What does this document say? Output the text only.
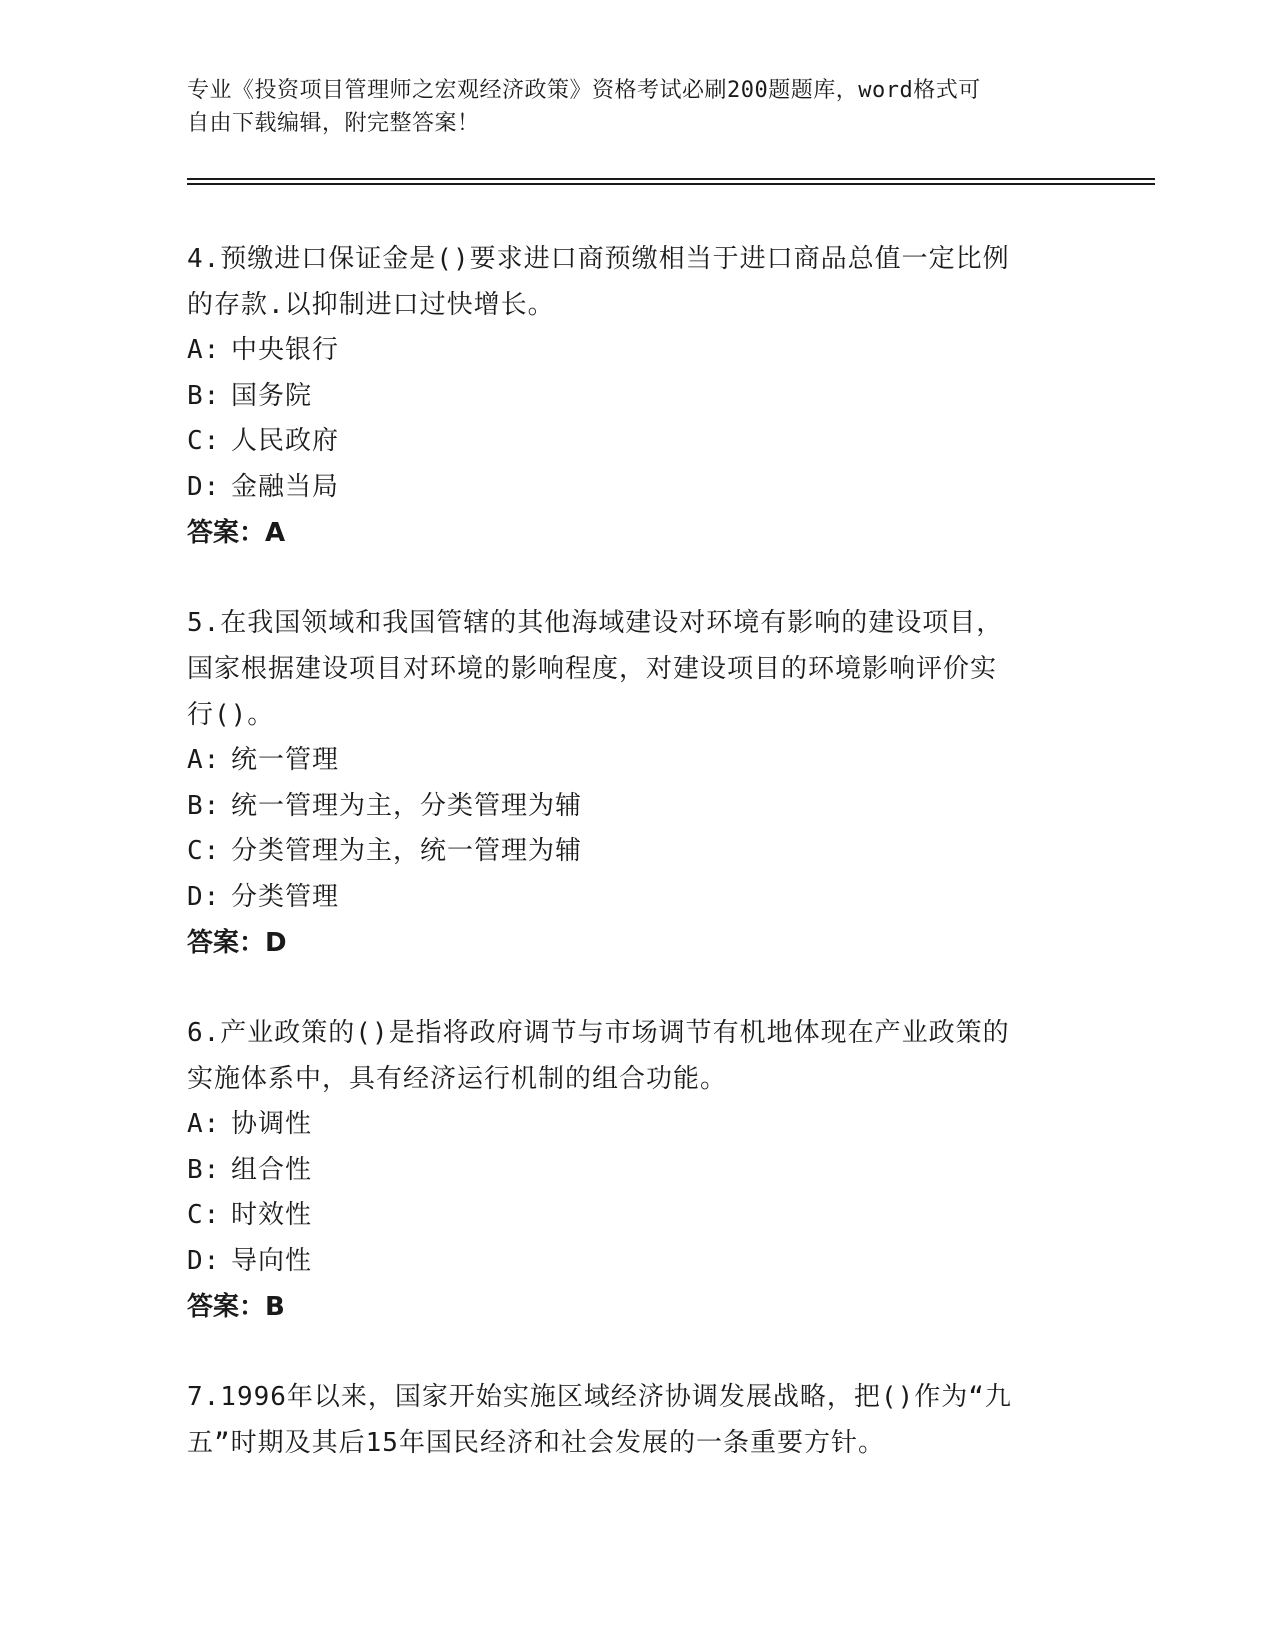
专业《投资项目管理师之宏观经济政策》资格考试必刷200题题库，word格式可
自由下载编辑，附完整答案！

4.预缴进口保证金是()要求进口商预缴相当于进口商品总值一定比例

的存款.以抑制进口过快增长。

A: 中央银行

B: 国务院

C: 人民政府

D: 金融当局

答案：A

5.在我国领域和我国管辖的其他海域建设对环境有影响的建设项目，

国家根据建设项目对环境的影响程度，对建设项目的环境影响评价实

行()。

A: 统一管理

B: 统一管理为主，分类管理为辅

C: 分类管理为主，统一管理为辅

D: 分类管理

答案：D

6.产业政策的()是指将政府调节与市场调节有机地体现在产业政策的

实施体系中，具有经济运行机制的组合功能。

A: 协调性

B: 组合性

C: 时效性

D: 导向性

答案：B

7.1996年以来，国家开始实施区域经济协调发展战略，把()作为“九

五”时期及其后15年国民经济和社会发展的一条重要方针。
